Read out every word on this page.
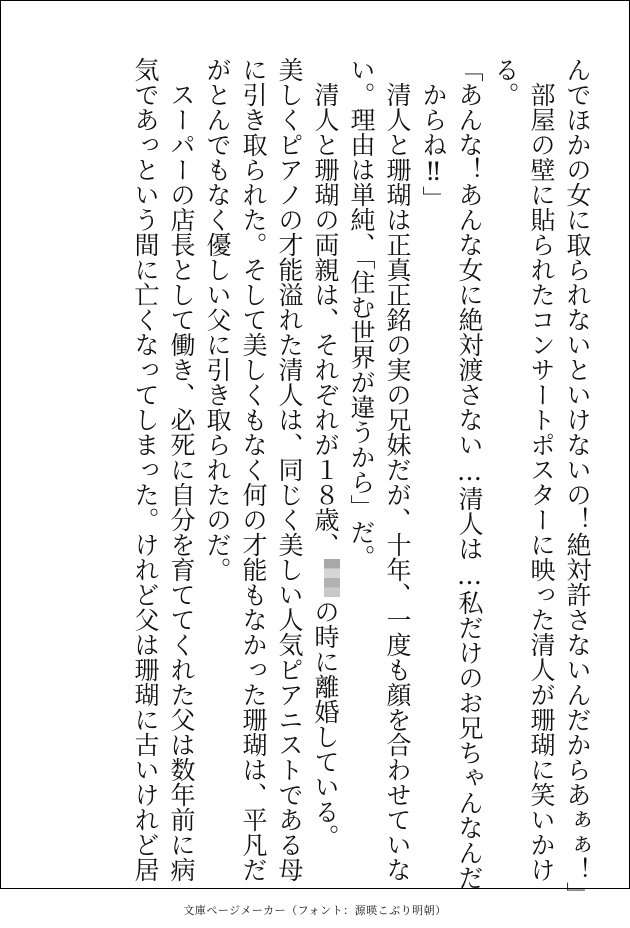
んでほかの女に取られないといけないの！絶対許さないんだからあぁぁ！」
部屋の壁に貼られたコンサートポスターに映った清人が珊瑚に笑いかけ
る。
「あんな！あんな女に絶対渡さない…清人は…私だけのお兄ちゃんなんだ
からね‼」
清人と珊瑚は正真正銘の実の兄妹だが、十年、一度も顔を合わせていな
い。理由は単純、「住む世界が違うから」だ。
清人と珊瑚の両親は、それぞれが１８歳、の時に離婚している。
美しくピアノの才能溢れた清人は、同じく美しい人気ピアニストである母
に引き取られた。そして美しくもなく何の才能もなかった珊瑚は、平凡だ
がとんでもなく優しい父に引き取られたのだ。
スーパーの店長として働き、必死に自分を育ててくれた父は数年前に病
気であっという間に亡くなってしまった。けれど父は珊瑚に古いけれど居
文庫ページメーカー（フォント：源暎こぶり明朝）
